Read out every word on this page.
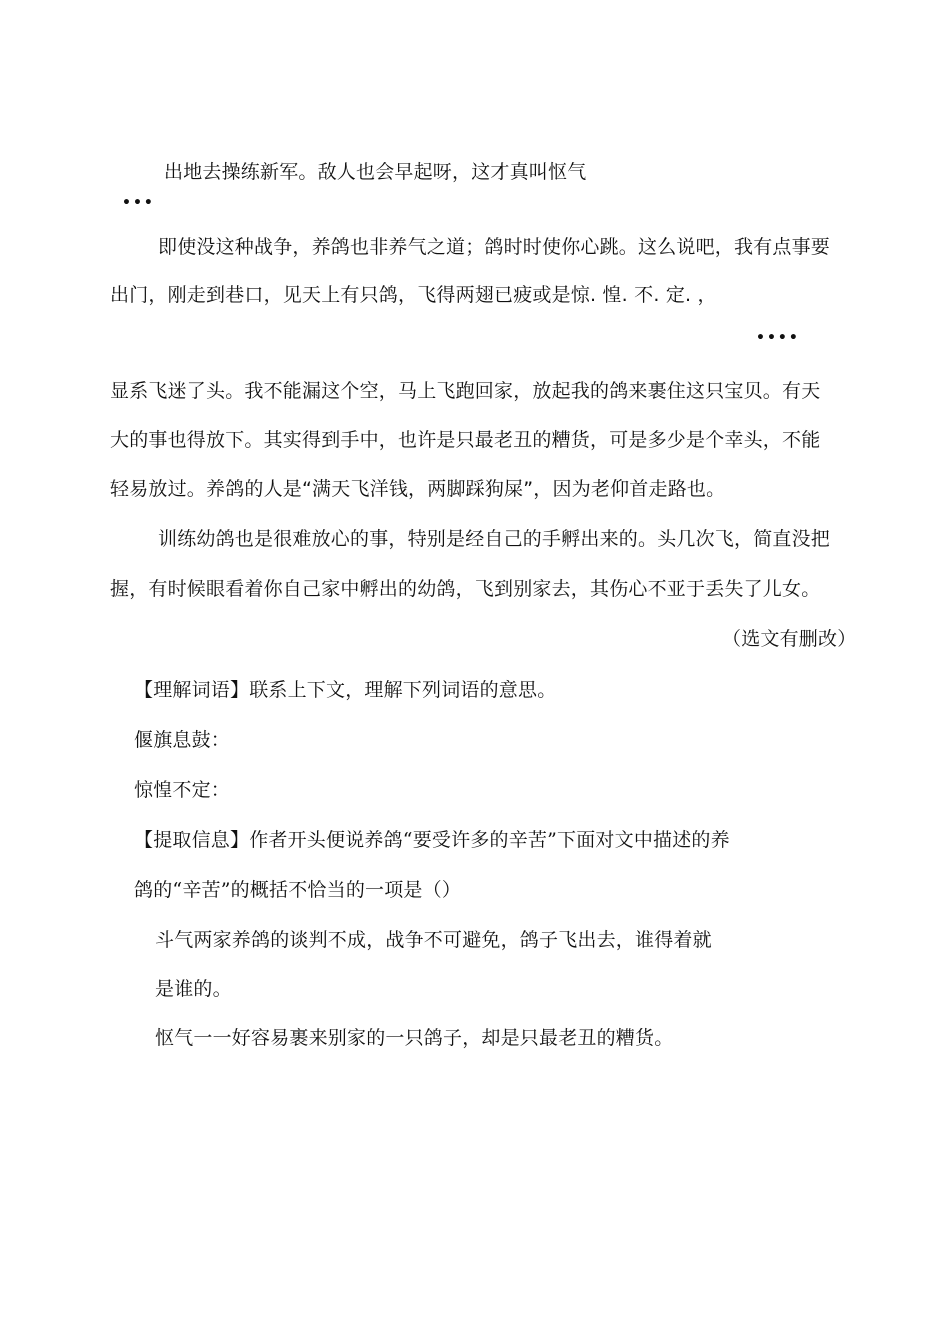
出地去操练新军。敌人也会早起呀，这才真叫怄气
•••
即使没这种战争，养鸽也非养气之道；鸽时时使你心跳。这么说吧，我有点事要
出门，刚走到巷口，见天上有只鸽，飞得两翅已疲或是惊. 惶. 不. 定. ，
••••
显系飞迷了头。我不能漏这个空，马上飞跑回家，放起我的鸽来裹住这只宝贝。有天
大的事也得放下。其实得到手中，也许是只最老丑的糟货，可是多少是个幸头，不能
轻易放过。养鸽的人是“满天飞洋钱，两脚踩狗屎”，因为老仰首走路也。
训练幼鸽也是很难放心的事，特别是经自己的手孵出来的。头几次飞，简直没把
握，有时候眼看着你自己家中孵出的幼鸽，飞到别家去，其伤心不亚于丢失了儿女。
（选文有删改）
【理解词语】联系上下文，理解下列词语的意思。
偃旗息鼓：
惊惶不定：
【提取信息】作者开头便说养鸽“要受许多的辛苦”下面对文中描述的养
鸽的“辛苦”的概括不恰当的一项是（）
斗气两家养鸽的谈判不成，战争不可避免，鸽子飞出去，谁得着就
是谁的。
怄气一一好容易裹来别家的一只鸽子，却是只最老丑的糟货。
